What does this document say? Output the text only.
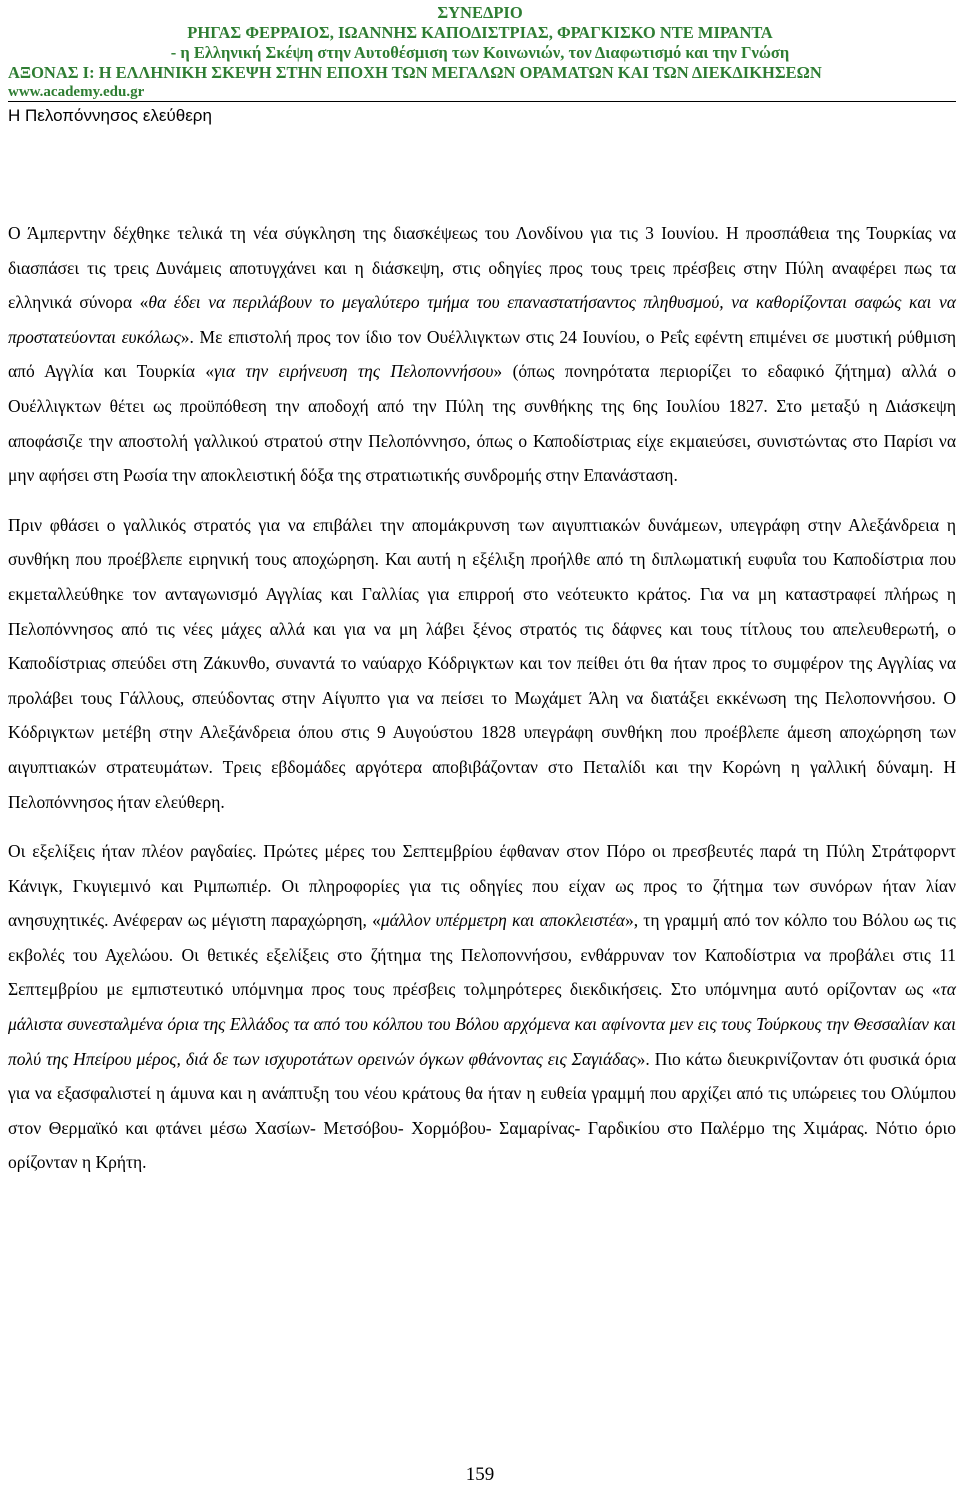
ΣΥΝΕΔΡΙΟ
ΡΗΓΑΣ ΦΕΡΡΑΙΟΣ, ΙΩΑΝΝΗΣ ΚΑΠΟΔΙΣΤΡΙΑΣ, ΦΡΑΓΚΙΣΚΟ ΝΤΕ ΜΙΡΑΝΤΑ
- η Ελληνική Σκέψη στην Αυτοθέσμιση των Κοινωνιών, τον Διαφωτισμό και την Γνώση
ΑΞΟΝΑΣ Ι: Η ΕΛΛΗΝΙΚΗ ΣΚΕΨΗ ΣΤΗΝ ΕΠΟΧΗ ΤΩΝ ΜΕΓΑΛΩΝ ΟΡΑΜΑΤΩΝ ΚΑΙ ΤΩΝ ΔΙΕΚΔΙΚΗΣΕΩΝ
www.academy.edu.gr
Η Πελοπόννησος ελεύθερη

Ο Άμπερντην δέχθηκε τελικά τη νέα σύγκληση της διασκέψεως του Λονδίνου για τις 3 Ιουνίου. Η προσπάθεια της Τουρκίας να διασπάσει τις τρεις Δυνάμεις αποτυγχάνει και η διάσκεψη, στις οδηγίες προς τους τρεις πρέσβεις στην Πύλη αναφέρει πως τα ελληνικά σύνορα «θα έδει να περιλάβουν το μεγαλύτερο τμήμα του επαναστατήσαντος πληθυσμού, να καθορίζονται σαφώς και να προστατεύονται ευκόλως». Με επιστολή προς τον ίδιο τον Ουέλλιγκτων στις 24 Ιουνίου, ο Ρεΐς εφέντη επιμένει σε μυστική ρύθμιση από Αγγλία και Τουρκία «για την ειρήνευση της Πελοποννήσου» (όπως πονηρότατα περιορίζει το εδαφικό ζήτημα) αλλά ο Ουέλλιγκτων θέτει ως προϋπόθεση την αποδοχή από την Πύλη της συνθήκης της 6ης Ιουλίου 1827. Στο μεταξύ η Διάσκεψη αποφάσιζε την αποστολή γαλλικού στρατού στην Πελοπόννησο, όπως ο Καποδίστριας είχε εκμαιεύσει, συνιστώντας στο Παρίσι να μην αφήσει στη Ρωσία την αποκλειστική δόξα της στρατιωτικής συνδρομής στην Επανάσταση.

Πριν φθάσει ο γαλλικός στρατός για να επιβάλει την απομάκρυνση των αιγυπτιακών δυνάμεων, υπεγράφη στην Αλεξάνδρεια η συνθήκη που προέβλεπε ειρηνική τους αποχώρηση. Και αυτή η εξέλιξη προήλθε από τη διπλωματική ευφυΐα του Καποδίστρια που εκμεταλλεύθηκε τον ανταγωνισμό Αγγλίας και Γαλλίας για επιρροή στο νεότευκτο κράτος. Για να μη καταστραφεί πλήρως η Πελοπόννησος από τις νέες μάχες αλλά και για να μη λάβει ξένος στρατός τις δάφνες και τους τίτλους του απελευθερωτή, ο Καποδίστριας σπεύδει στη Ζάκυνθο, συναντά το ναύαρχο Κόδριγκτων και τον πείθει ότι θα ήταν προς το συμφέρον της Αγγλίας να προλάβει τους Γάλλους, σπεύδοντας στην Αίγυπτο για να πείσει το Μωχάμετ Άλη να διατάξει εκκένωση της Πελοποννήσου. Ο Κόδριγκτων μετέβη στην Αλεξάνδρεια όπου στις 9 Αυγούστου 1828 υπεγράφη συνθήκη που προέβλεπε άμεση αποχώρηση των αιγυπτιακών στρατευμάτων. Τρεις εβδομάδες αργότερα αποβιβάζονταν στο Πεταλίδι και την Κορώνη η γαλλική δύναμη. Η Πελοπόννησος ήταν ελεύθερη.

Οι εξελίξεις ήταν πλέον ραγδαίες. Πρώτες μέρες του Σεπτεμβρίου έφθαναν στον Πόρο οι πρεσβευτές παρά τη Πύλη Στράτφορντ Κάνιγκ, Γκυγιεμινό και Ριμπωπιέρ. Οι πληροφορίες για τις οδηγίες που είχαν ως προς το ζήτημα των συνόρων ήταν λίαν ανησυχητικές. Ανέφεραν ως μέγιστη παραχώρηση, «μάλλον υπέρμετρη και αποκλειστέα», τη γραμμή από τον κόλπο του Βόλου ως τις εκβολές του Αχελώου. Οι θετικές εξελίξεις στο ζήτημα της Πελοποννήσου, ενθάρρυναν τον Καποδίστρια να προβάλει στις 11 Σεπτεμβρίου με εμπιστευτικό υπόμνημα προς τους πρέσβεις τολμηρότερες διεκδικήσεις. Στο υπόμνημα αυτό ορίζονταν ως «τα μάλιστα συνεσταλμένα όρια της Ελλάδος τα από του κόλπου του Βόλου αρχόμενα και αφίνοντα μεν εις τους Τούρκους την Θεσσαλίαν και πολύ της Ηπείρου μέρος, διά δε των ισχυροτάτων ορεινών όγκων φθάνοντας εις Σαγιάδας». Πιο κάτω διευκρινίζονταν ότι φυσικά όρια για να εξασφαλιστεί η άμυνα και η ανάπτυξη του νέου κράτους θα ήταν η ευθεία γραμμή που αρχίζει από τις υπώρειες του Ολύμπου στον Θερμαϊκό και φτάνει μέσω Χασίων- Μετσόβου- Χορμόβου- Σαμαρίνας- Γαρδικίου στο Παλέρμο της Χιμάρας. Νότιο όριο ορίζονταν η Κρήτη.

159
